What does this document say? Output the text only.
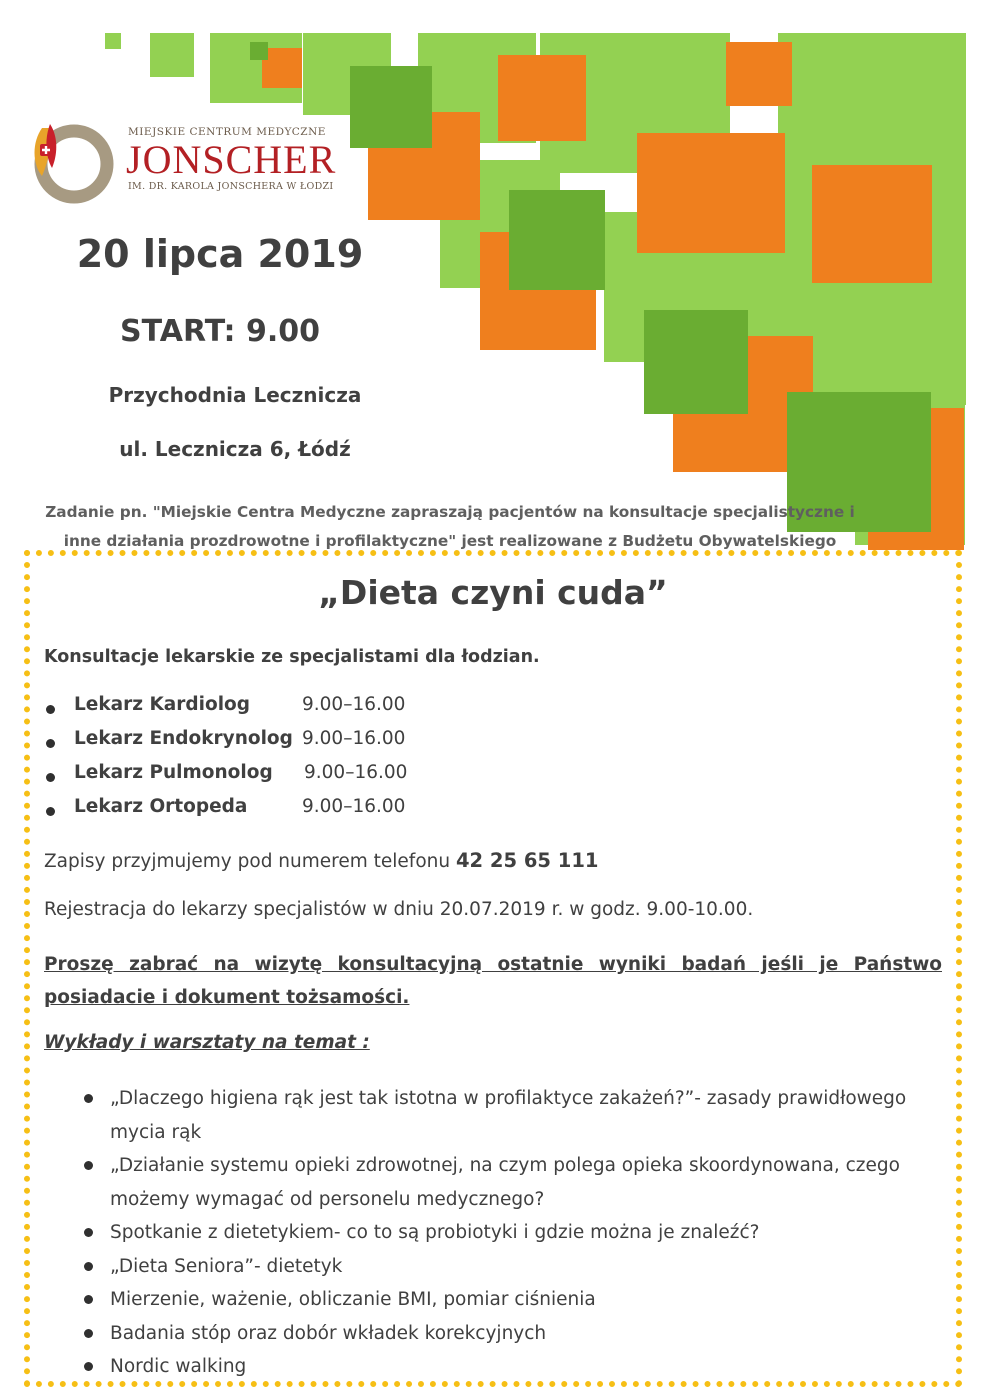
MIEJSKIE CENTRUM MEDYCZNE
JONSCHER
IM. DR. KAROLA JONSCHERA W ŁODZI
20 lipca 2019
START: 9.00
Przychodnia Lecznicza
ul. Lecznicza 6, Łódź
Zadanie pn. "Miejskie Centra Medyczne zapraszają pacjentów na konsultacje specjalistyczne i inne działania prozdrowotne i profilaktyczne" jest realizowane z Budżetu Obywatelskiego
„Dieta czyni cuda”
Konsultacje lekarskie ze specjalistami dla łodzian.
Lekarz Kardiolog	9.00–16.00
Lekarz Endokrynolog 9.00–16.00
Lekarz Pulmonolog 9.00–16.00
Lekarz Ortopeda	9.00–16.00
Zapisy przyjmujemy pod numerem telefonu 42 25 65 111
Rejestracja do lekarzy specjalistów w dniu 20.07.2019 r. w godz. 9.00-10.00.
Proszę zabrać na wizytę konsultacyjną ostatnie wyniki badań jeśli je Państwo posiadacie i dokument tożsamości.
Wykłady i warsztaty na temat :
„Dlaczego higiena rąk jest tak istotna w profilaktyce zakażeń?”- zasady prawidłowego mycia rąk
„Działanie systemu opieki zdrowotnej, na czym polega opieka skoordynowana, czego możemy wymagać od personelu medycznego?
Spotkanie z dietetykiem- co to są probiotyki i gdzie można je znaleźć?
„Dieta Seniora”- dietetyk
Mierzenie, ważenie, obliczanie BMI, pomiar ciśnienia
Badania stóp oraz dobór wkładek korekcyjnych
Nordic walking
